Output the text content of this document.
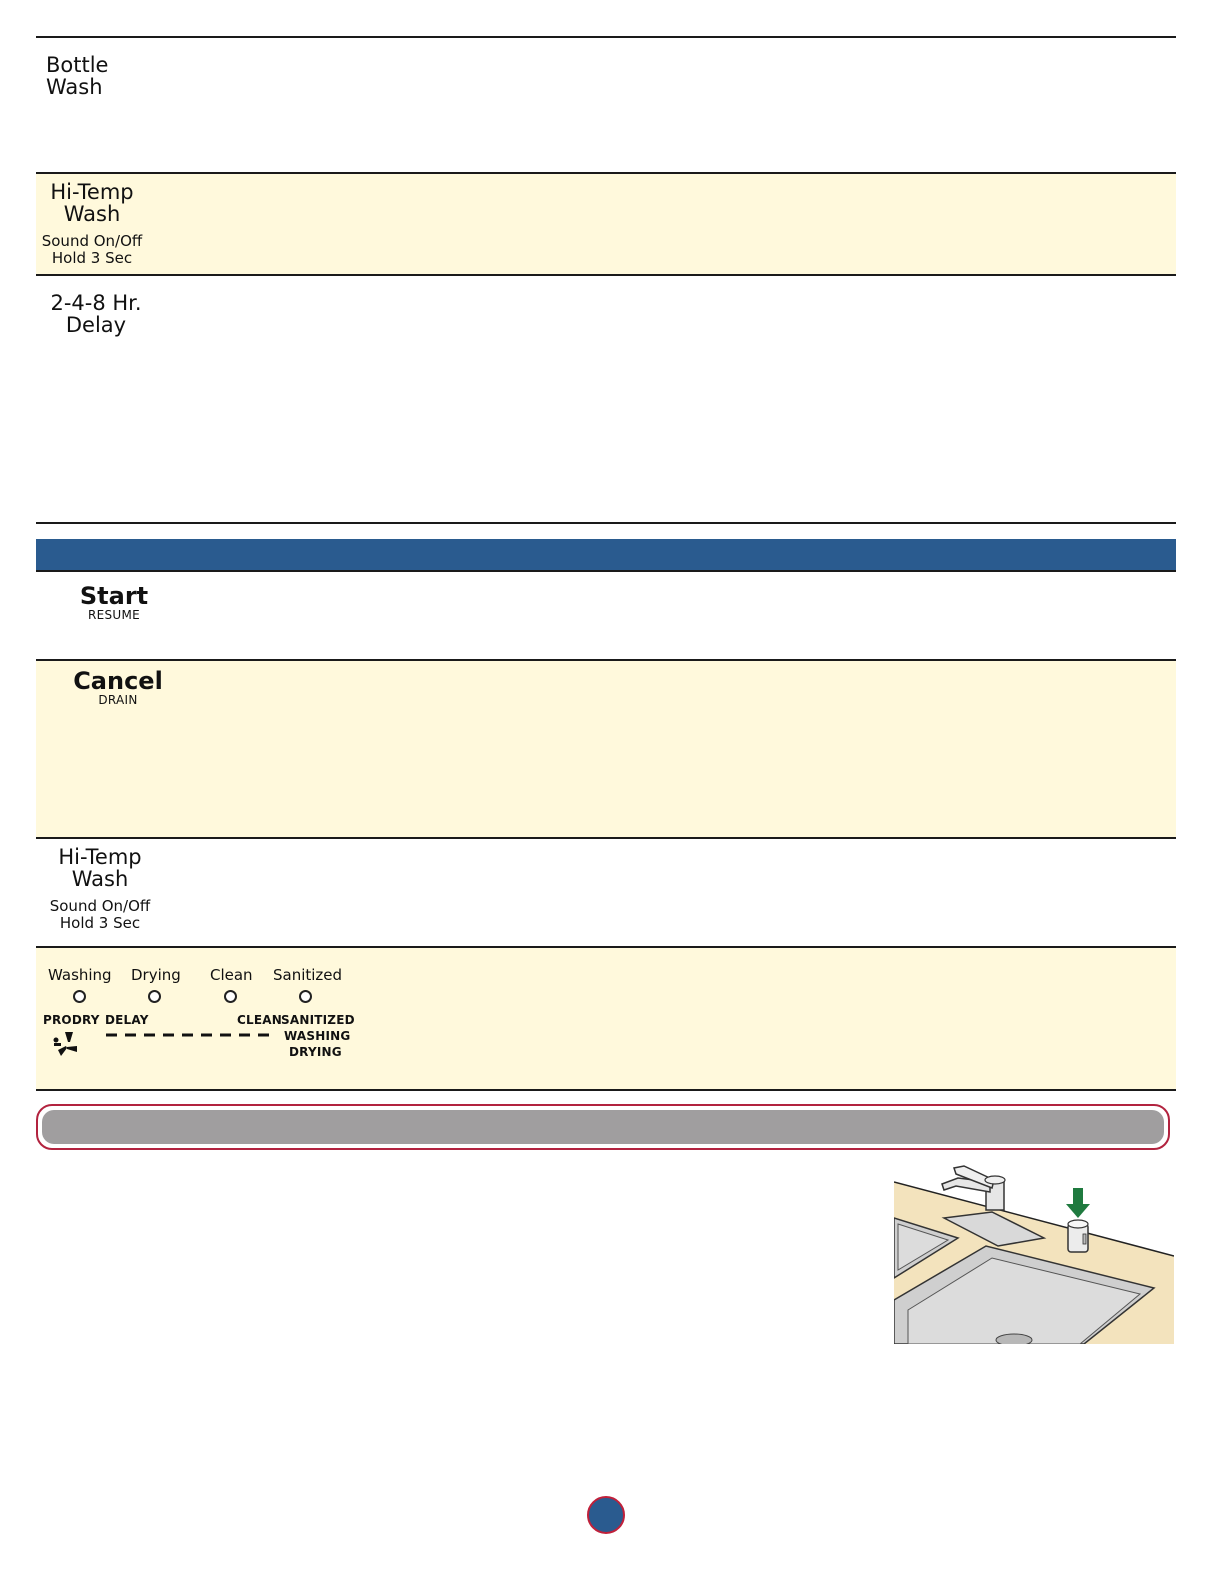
Bottle
Wash
Hi-Temp
Wash
Sound On/Off
Hold 3 Sec
2-4-8 Hr.
Delay
Start
RESUME
Cancel
DRAIN
Hi-Temp
Wash
Sound On/Off
Hold 3 Sec
Washing Drying Clean Sanitized
PRODRY DELAY	CLEAN SANITIZED
WASHING
DRYING
